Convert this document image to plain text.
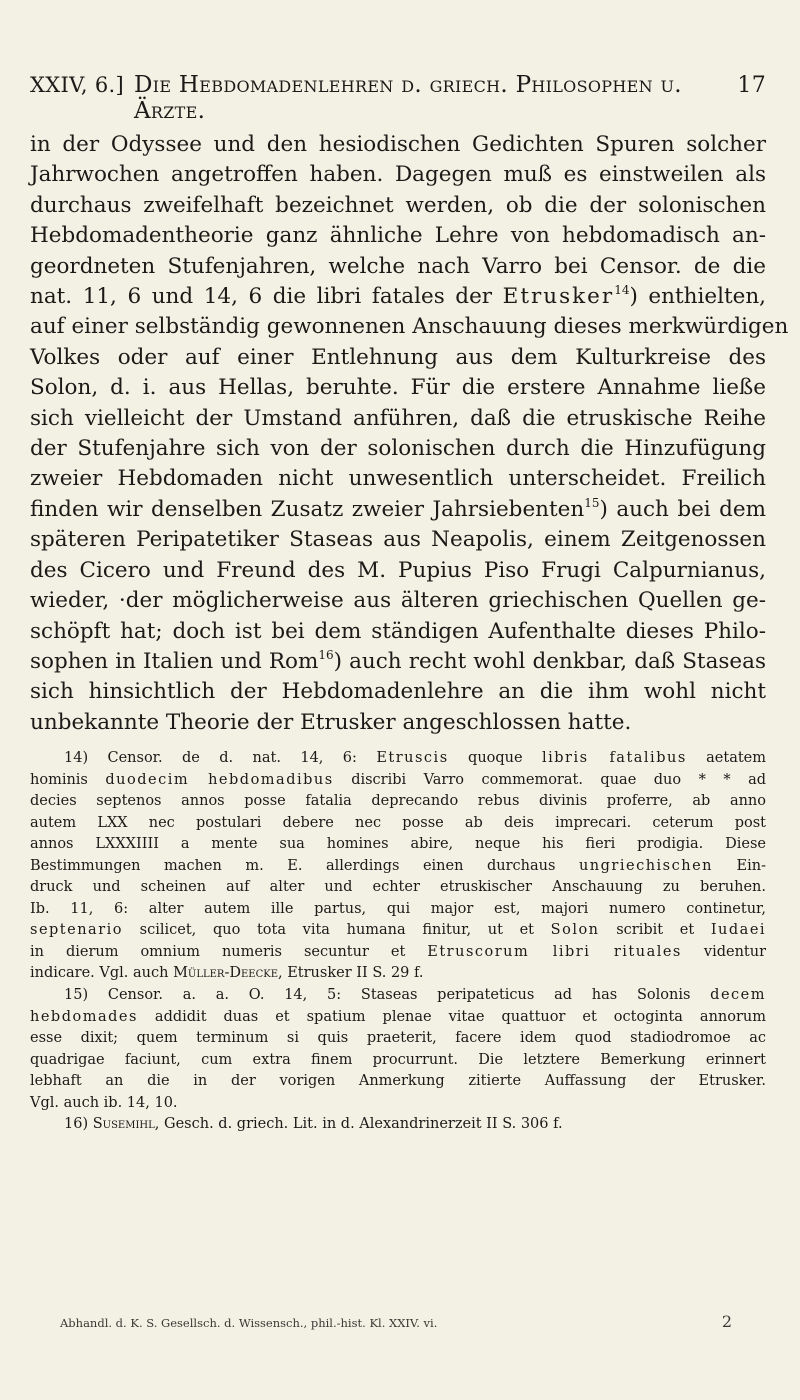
XXIV, 6.] Die Hebdomadenlehren d. griech. Philosophen u. Ärzte.
17
in der Odyssee und den hesiodischen Gedichten Spuren solcher
Jahrwochen angetroffen haben. Dagegen muß es einstweilen als
durchaus zweifelhaft bezeichnet werden, ob die der solonischen
Hebdomadentheorie ganz ähnliche Lehre von hebdomadisch an-
geordneten Stufenjahren, welche nach Varro bei Censor. de die
nat. 11, 6 und 14, 6 die libri fatales der Etrusker$^{14}$) enthielten,
auf einer selbständig gewonnenen Anschauung dieses merkwürdigen
Volkes oder auf einer Entlehnung aus dem Kulturkreise des
Solon, d. i. aus Hellas, beruhte. Für die erstere Annahme ließe
sich vielleicht der Umstand anführen, daß die etruskische Reihe
der Stufenjahre sich von der solonischen durch die Hinzufügung
zweier Hebdomaden nicht unwesentlich unterscheidet. Freilich
finden wir denselben Zusatz zweier Jahrsiebenten$^{15}$) auch bei dem
späteren Peripatetiker Staseas aus Neapolis, einem Zeitgenossen
des Cicero und Freund des M. Pupius Piso Frugi Calpurnianus,
wieder, ·der möglicherweise aus älteren griechischen Quellen ge-
schöpft hat; doch ist bei dem ständigen Aufenthalte dieses Philo-
sophen in Italien und Rom$^{16}$) auch recht wohl denkbar, daß Staseas
sich hinsichtlich der Hebdomadenlehre an die ihm wohl nicht
unbekannte Theorie der Etrusker angeschlossen hatte.
14) Censor. de d. nat. 14, 6: Etruscis quoque libris fatalibus aetatem
hominis duodecim hebdomadibus discribi Varro commemorat. quae duo * * ad
decies septenos annos posse fatalia deprecando rebus divinis proferre, ab anno
autem LXX nec postulari debere nec posse ab deis imprecari. ceterum post
annos LXXXIIII a mente sua homines abire, neque his fieri prodigia. Diese
Bestimmungen machen m. E. allerdings einen durchaus ungriechischen Ein-
druck und scheinen auf alter und echter etruskischer Anschauung zu beruhen.
Ib. 11, 6: alter autem ille partus, qui major est, majori numero continetur,
septenario scilicet, quo tota vita humana finitur, ut et Solon scribit et Iudaei
in dierum omnium numeris secuntur et Etruscorum libri rituales videntur
indicare. Vgl. auch Müller-Deecke, Etrusker II S. 29 f.
15) Censor. a. a. O. 14, 5: Staseas peripateticus ad has Solonis decem
hebdomades addidit duas et spatium plenae vitae quattuor et octoginta annorum
esse dixit; quem terminum si quis praeterit, facere idem quod stadiodromoe ac
quadrigae faciunt, cum extra finem procurrunt. Die letztere Bemerkung erinnert
lebhaft an die in der vorigen Anmerkung zitierte Auffassung der Etrusker.
Vgl. auch ib. 14, 10.
16) Susemihl, Gesch. d. griech. Lit. in d. Alexandrinerzeit II S. 306 f.
Abhandl. d. K. S. Gesellsch. d. Wissensch., phil.-hist. Kl. XXIV. vi.	2
